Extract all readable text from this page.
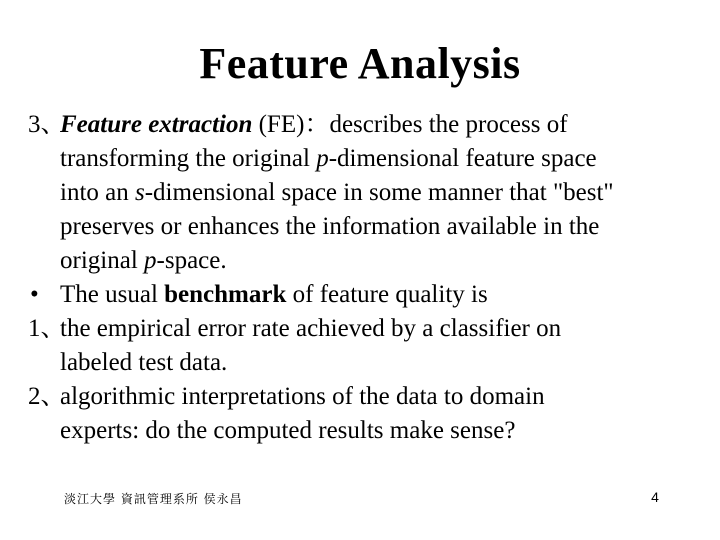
Feature Analysis
3、
Feature extraction (FE)：describes the process of
transforming the original p-dimensional feature space
into an s-dimensional space in some manner that "best"
preserves or enhances the information available in the
original p-space.
• The usual benchmark of feature quality is
1、
the empirical error rate achieved by a classifier on
labeled test data.
2、
algorithmic interpretations of the data to domain
experts: do the computed results make sense?
淡江大學 資訊管理系所 侯永昌	4
